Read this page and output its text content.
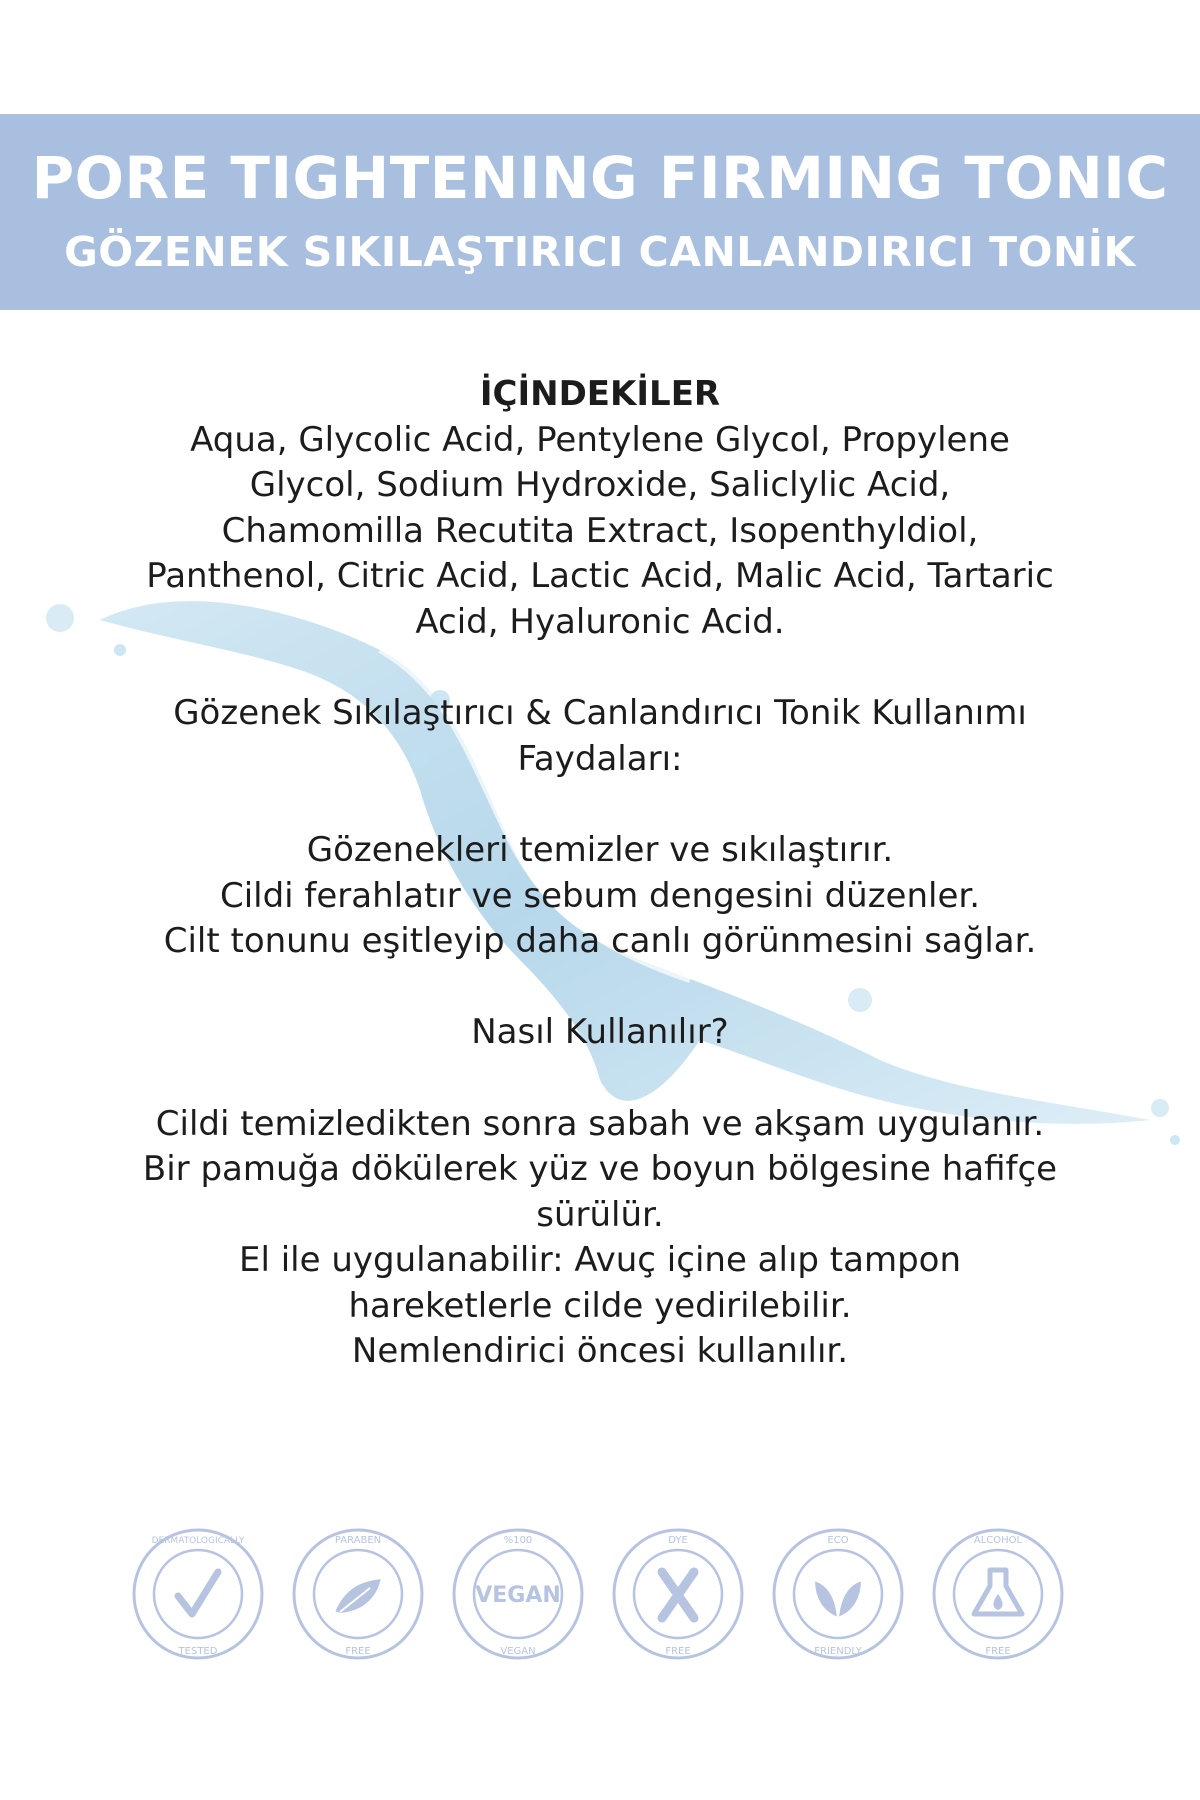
PORE TIGHTENING FIRMING TONIC
GÖZENEK SIKILAŞTIRICI CANLANDIRICI TONİK

İÇİNDEKİLER

Aqua, Glycolic Acid, Pentylene Glycol, Propylene

Glycol, Sodium Hydroxide, Saliclylic Acid,

Chamomilla Recutita Extract, Isopenthyldiol,

Panthenol, Citric Acid, Lactic Acid, Malic Acid, Tartaric

Acid, Hyaluronic Acid.

Gözenek Sıkılaştırıcı & Canlandırıcı Tonik Kullanımı

Faydaları:

Gözenekleri temizler ve sıkılaştırır.

Cildi ferahlatır ve sebum dengesini düzenler.

Cilt tonunu eşitleyip daha canlı görünmesini sağlar.

Nasıl Kullanılır?

Cildi temizledikten sonra sabah ve akşam uygulanır.

Bir pamuğa dökülerek yüz ve boyun bölgesine hafifçe

sürülür.

El ile uygulanabilir: Avuç içine alıp tampon

hareketlerle cilde yedirilebilir.

Nemlendirici öncesi kullanılır.

DERMATOLOGICALLY
TESTED
PARABEN
FREE
VEGAN
%100
VEGAN
DYE
FREE
ECO
FRIENDLY
ALCOHOL
FREE
